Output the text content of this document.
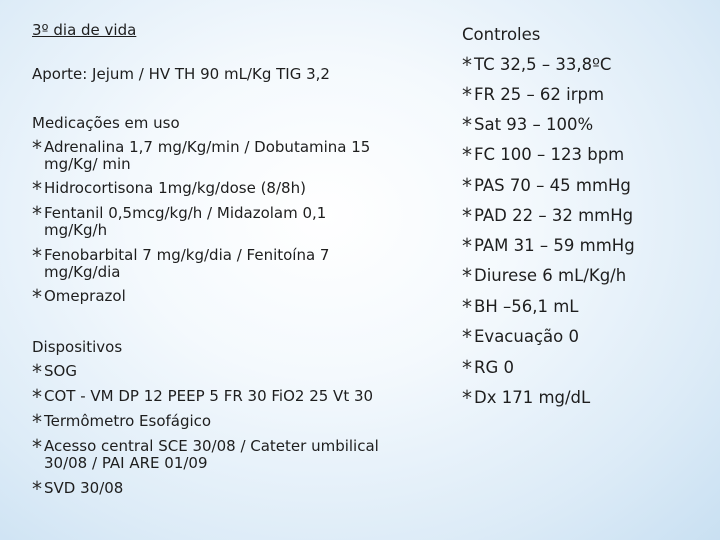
3º dia de vida
Aporte: Jejum / HV TH 90 mL/Kg TIG 3,2
Medicações em uso
* Adrenalina 1,7 mg/Kg/min / Dobutamina 15
mg/Kg/ min
* Hidrocortisona 1mg/kg/dose (8/8h)
* Fentanil 0,5mcg/kg/h / Midazolam 0,1
mg/Kg/h
* Fenobarbital 7 mg/kg/dia / Fenitoína 7
mg/Kg/dia
* Omeprazol
Dispositivos
* SOG
* COT - VM DP 12 PEEP 5 FR 30 FiO2 25 Vt 30
* Termômetro Esofágico
* Acesso central SCE 30/08 / Cateter umbilical
30/08 / PAI ARE 01/09
* SVD 30/08
Controles
* TC 32,5 – 33,8ºC
* FR 25 – 62 irpm
* Sat 93 – 100%
* FC 100 – 123 bpm
* PAS 70 – 45 mmHg
* PAD 22 – 32 mmHg
* PAM 31 – 59 mmHg
* Diurese 6 mL/Kg/h
* BH –56,1 mL
* Evacuação 0
* RG 0
* Dx 171 mg/dL
